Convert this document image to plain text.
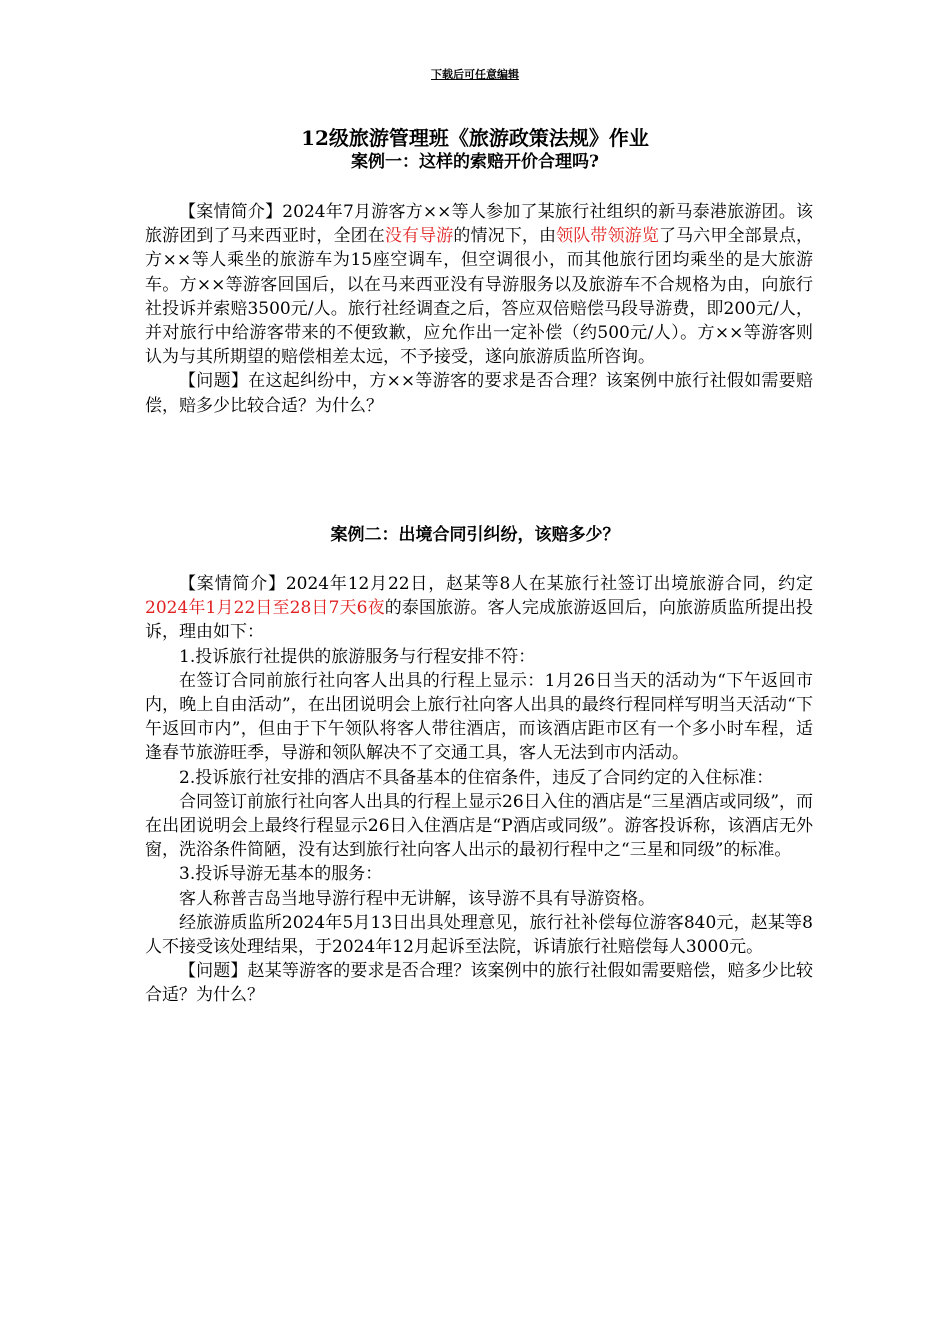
下载后可任意编辑
12级旅游管理班《旅游政策法规》作业
案例一：这样的索赔开价合理吗?

【案情简介】2024年7月游客方××等人参加了某旅行社组织的新马泰港旅游团。该旅游团到了马来西亚时，全团在没有导游的情况下，由领队带领游览了马六甲全部景点，方××等人乘坐的旅游车为15座空调车，但空调很小，而其他旅行团均乘坐的是大旅游车。方××等游客回国后，以在马来西亚没有导游服务以及旅游车不合规格为由，向旅行社投诉并索赔3500元/人。旅行社经调查之后，答应双倍赔偿马段导游费，即200元/人，并对旅行中给游客带来的不便致歉，应允作出一定补偿（约500元/人）。方××等游客则认为与其所期望的赔偿相差太远，不予接受，遂向旅游质监所咨询。

【问题】在这起纠纷中，方××等游客的要求是否合理？该案例中旅行社假如需要赔偿，赔多少比较合适？为什么？

案例二：出境合同引纠纷，该赔多少？

【案情简介】2024年12月22日，赵某等8人在某旅行社签订出境旅游合同，约定2024年1月22日至28日7天6夜的泰国旅游。客人完成旅游返回后，向旅游质监所提出投诉，理由如下：

1.投诉旅行社提供的旅游服务与行程安排不符：

在签订合同前旅行社向客人出具的行程上显示：1月26日当天的活动为“下午返回市内，晚上自由活动”，在出团说明会上旅行社向客人出具的最终行程同样写明当天活动“下午返回市内”，但由于下午领队将客人带往酒店，而该酒店距市区有一个多小时车程，适逢春节旅游旺季，导游和领队解决不了交通工具，客人无法到市内活动。

2.投诉旅行社安排的酒店不具备基本的住宿条件，违反了合同约定的入住标准：

合同签订前旅行社向客人出具的行程上显示26日入住的酒店是“三星酒店或同级”，而在出团说明会上最终行程显示26日入住酒店是“P酒店或同级”。游客投诉称，该酒店无外窗，洗浴条件简陋，没有达到旅行社向客人出示的最初行程中之“三星和同级”的标准。

3.投诉导游无基本的服务：

客人称普吉岛当地导游行程中无讲解，该导游不具有导游资格。

经旅游质监所2024年5月13日出具处理意见，旅行社补偿每位游客840元，赵某等8人不接受该处理结果，于2024年12月起诉至法院，诉请旅行社赔偿每人3000元。

【问题】赵某等游客的要求是否合理？该案例中的旅行社假如需要赔偿，赔多少比较合适？为什么？
